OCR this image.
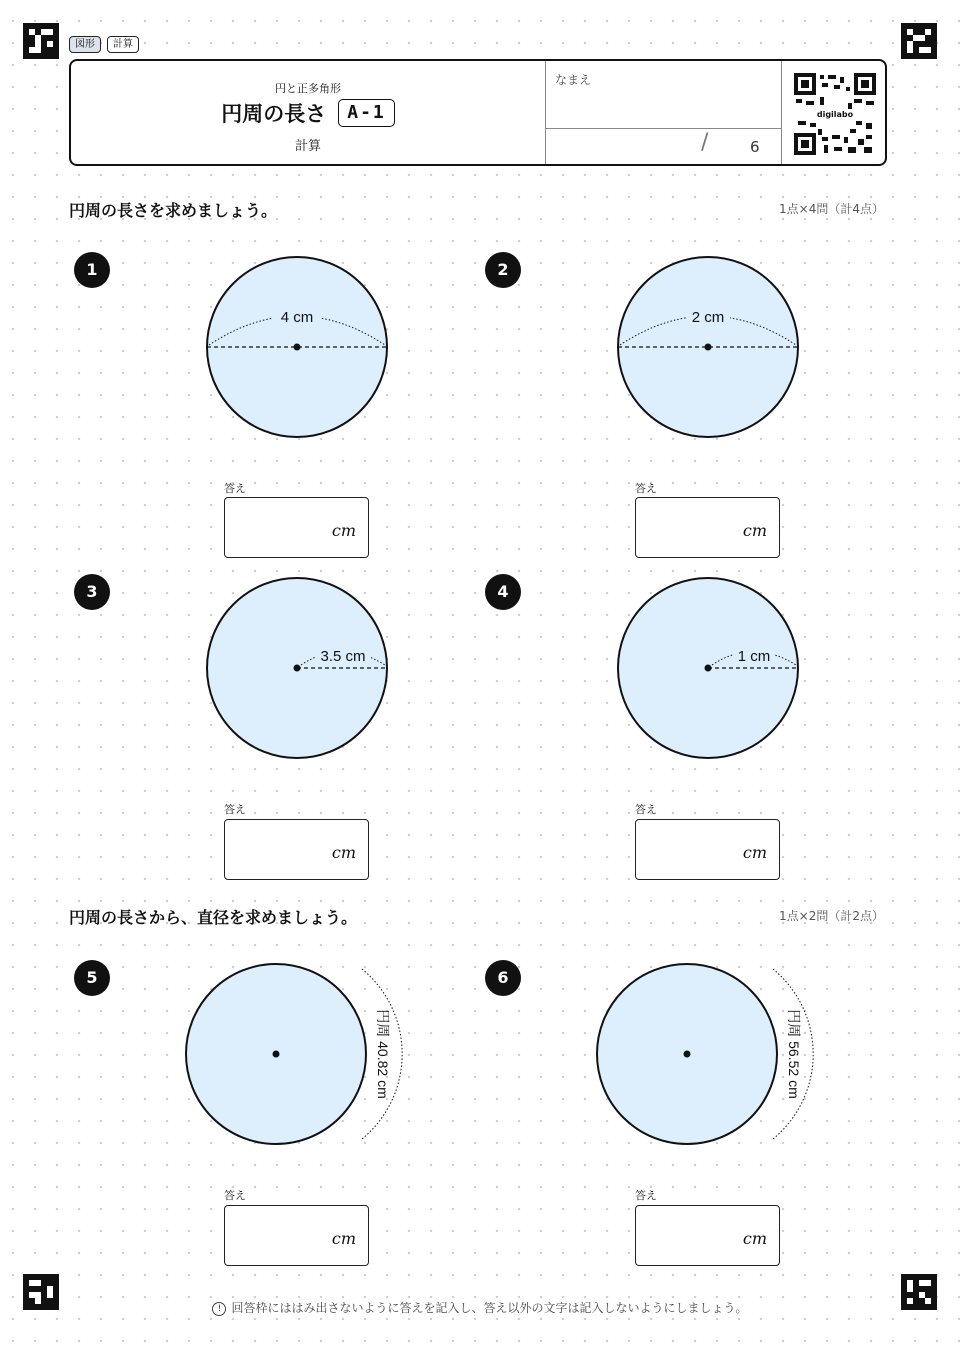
図形	計算
円と正多角形
円周の長さ	A-1
計算
なまえ
/	6
digilabo
円周の長さを求めましょう。	1点×4問（計4点）
円周の長さから、直径を求めましょう。	1点×2問（計2点）
1
4 cm
答え
cm
2
2 cm
答え
cm
3
3.5 cm
答え
cm
4
1 cm
答え
cm
5
円周 40.82 cm
答え
cm
6
円周 56.52 cm
答え
cm
! 回答枠にははみ出さないように答えを記入し、答え以外の文字は記入しないようにしましょう。
